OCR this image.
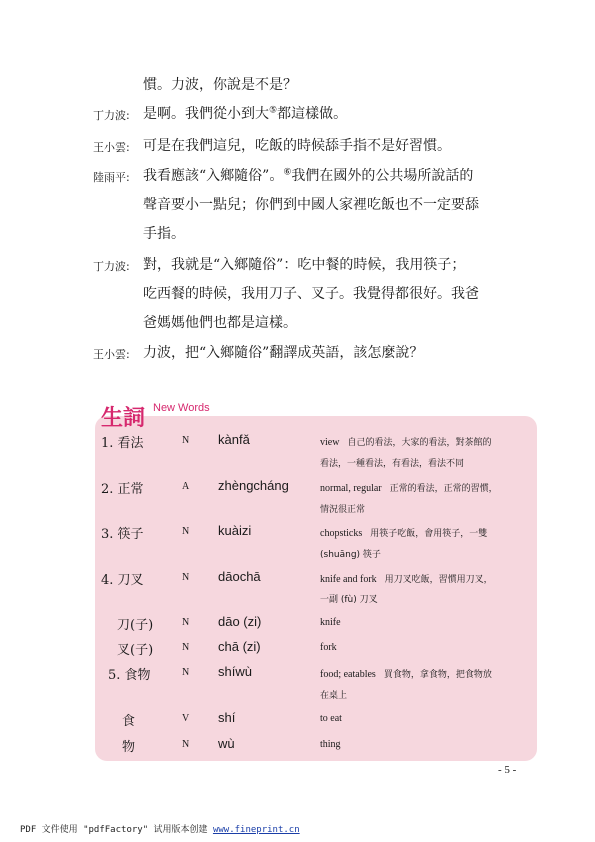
慣。力波，你說是不是？
丁力波: 是啊。我們從小到大⑤都這樣做。
王小雲: 可是在我們這兒，吃飯的時候舔手指不是好習慣。
陸雨平: 我看應該“入鄉隨俗”。⑥我們在國外的公共場所說話的
聲音要小一點兒；你們到中國人家裡吃飯也不一定要舔
手指。
丁力波: 對，我就是“入鄉隨俗”：吃中餐的時候，我用筷子；
吃西餐的時候，我用刀子、叉子。我覺得都很好。我爸
爸媽媽他們也都是這樣。
王小雲: 力波，把“入鄉隨俗”翻譯成英語，該怎麼說？
生詞 New Words
1. 看法	N kànfǎ	view 自己的看法，大家的看法，對茶館的
看法，一種看法，有看法，看法不同
2. 正常	A zhèngcháng	normal, regular 正常的看法，正常的習慣，
情況很正常
3. 筷子	N kuàizi	chopsticks 用筷子吃飯，會用筷子，一雙
(shuāng) 筷子
4. 刀叉	N dāochā	knife and fork 用刀叉吃飯，習慣用刀叉，
一副 (fù) 刀叉
刀(子)	N dāo (zi)	knife
叉(子)	N chā (zi)	fork
5. 食物	N shíwù	food; eatables 買食物，拿食物，把食物放
在桌上
食	V shí	to eat
物	N wù	thing
- 5 -
PDF 文件使用 "pdfFactory" 试用版本创建 www.fineprint.cn
